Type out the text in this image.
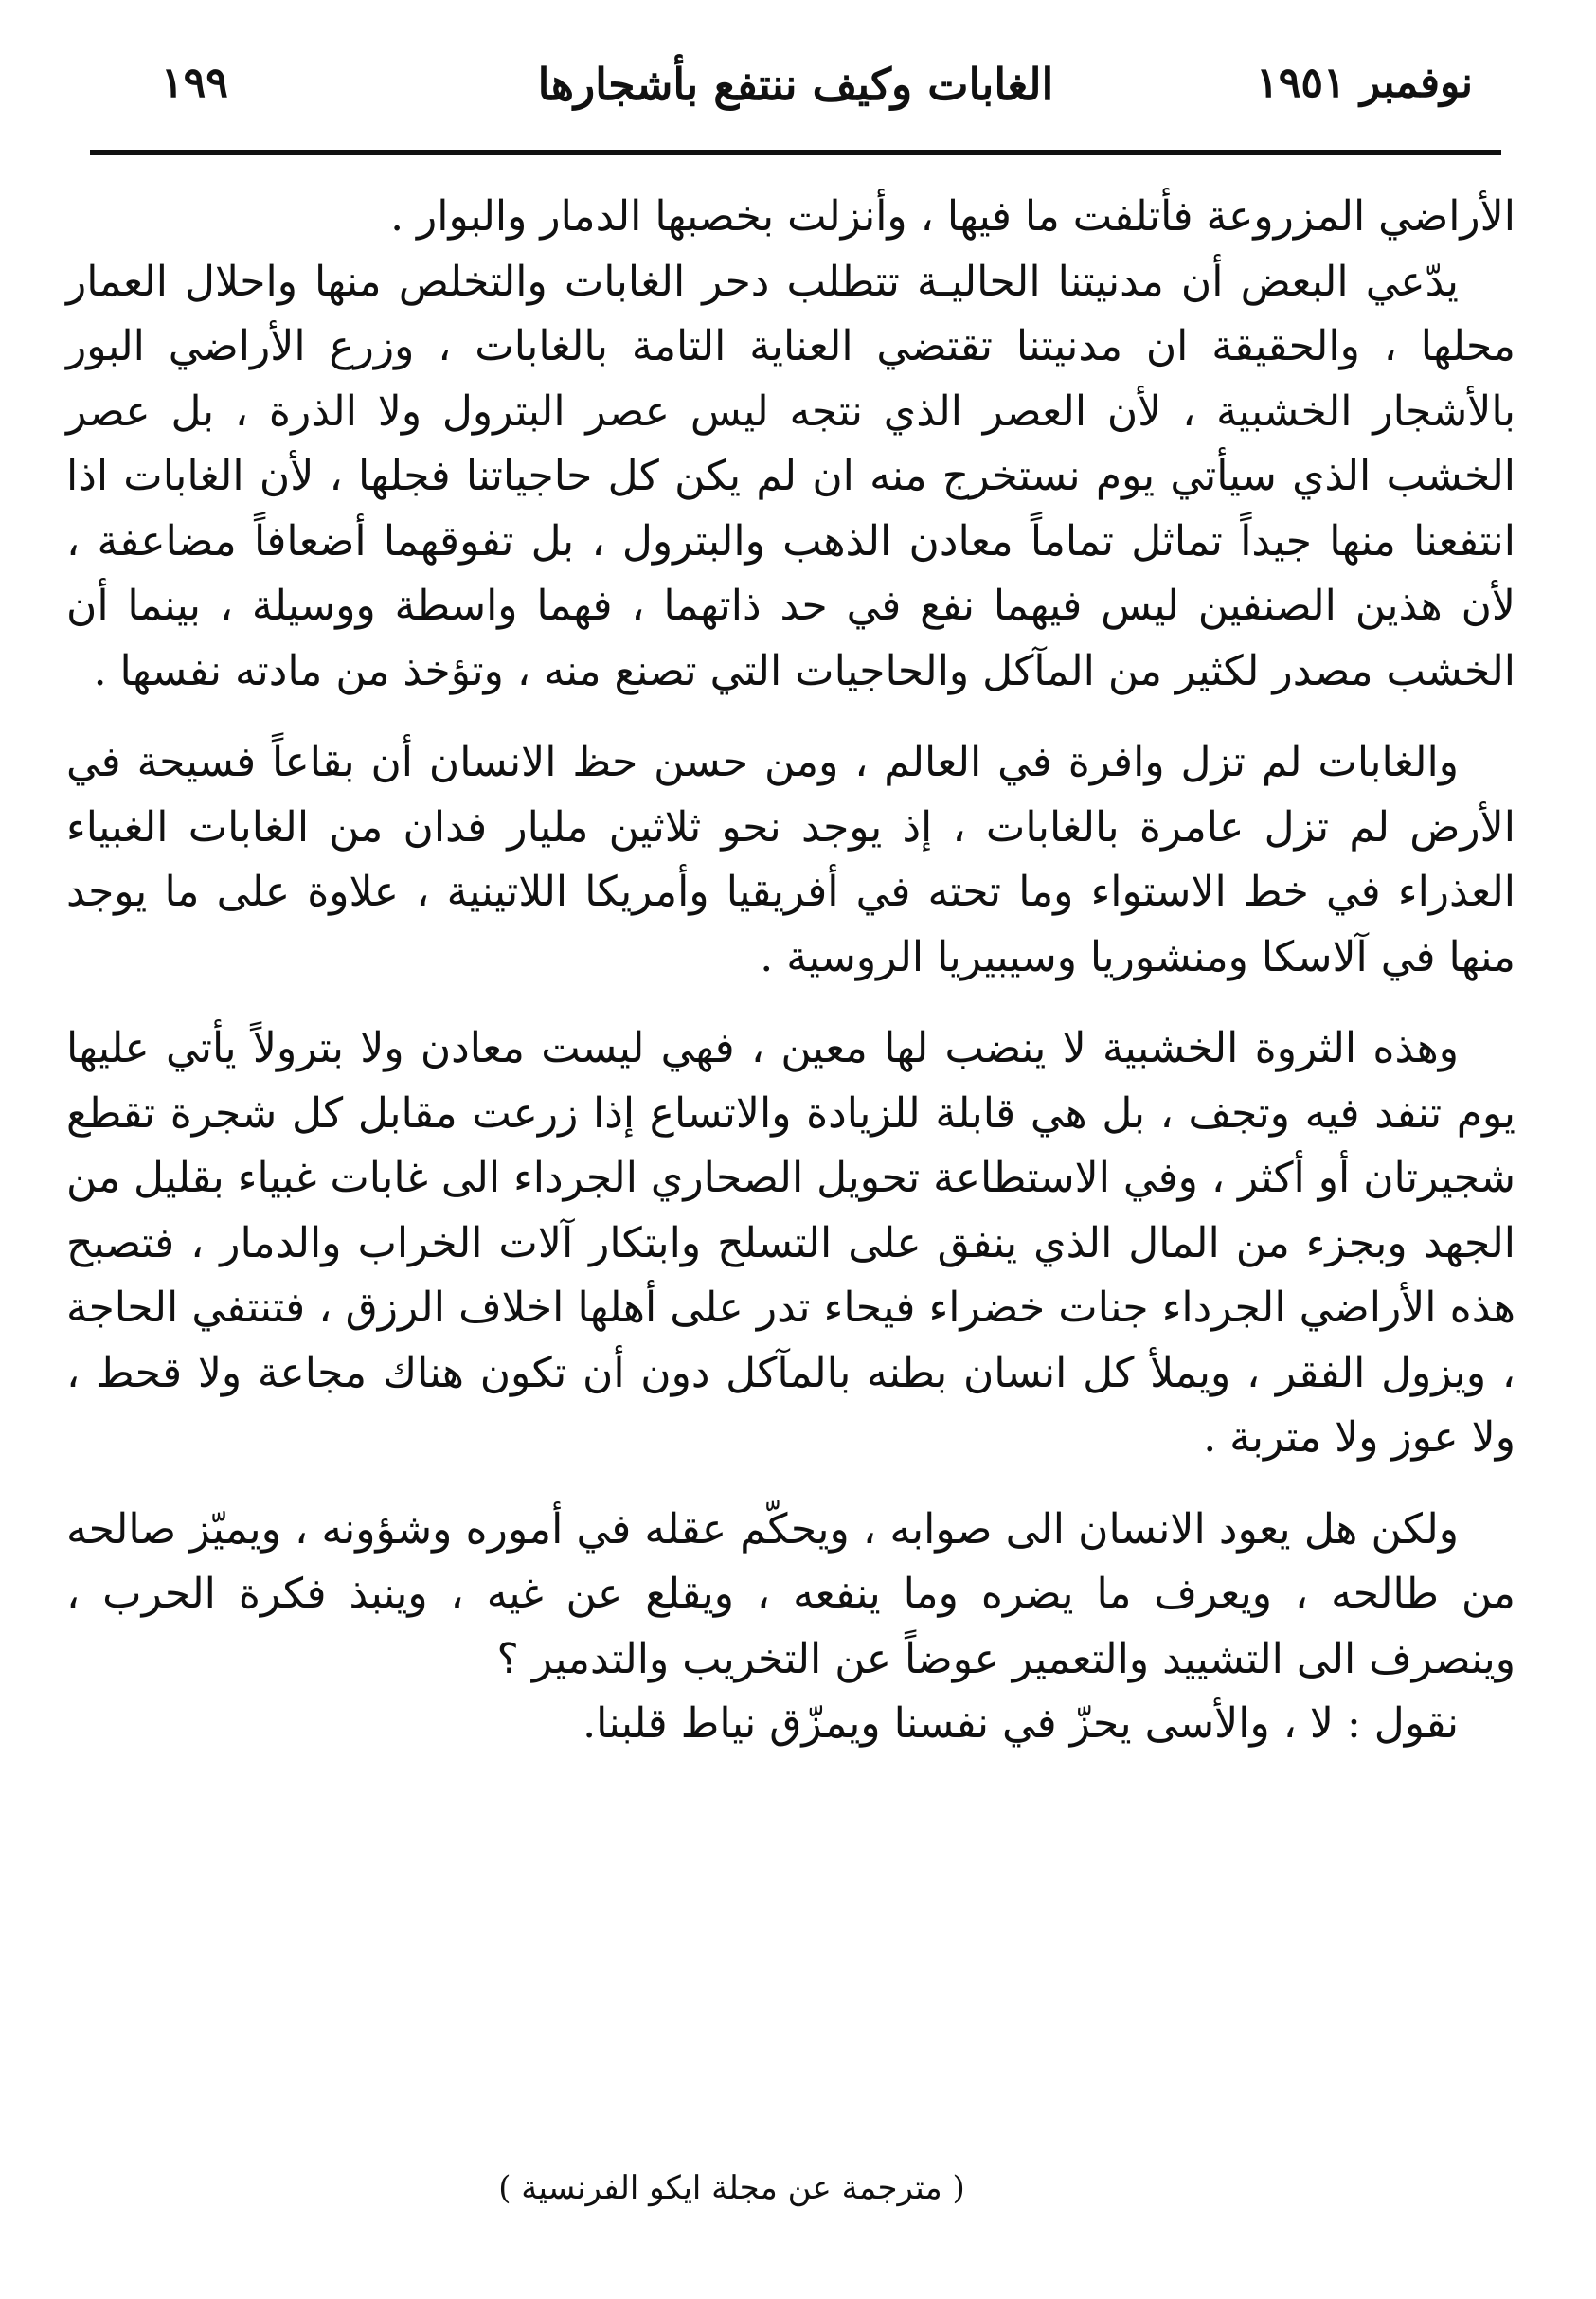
١٩٩	الغابات وكيف ننتفع بأشجارها	نوفمبر ١٩٥١

الأراضي المزروعة فأتلفت ما فيها ، وأنزلت بخصبها الدمار والبوار .

يدّعي البعض أن مدنيتنا الحاليـة تتطلب دحر الغابات والتخلص منها واحلال العمار محلها ، والحقيقة ان مدنيتنا تقتضي العناية التامة بالغابات ، وزرع الأراضي البور بالأشجار الخشبية ، لأن العصر الذي نتجه ليس عصر البترول ولا الذرة ، بل عصر الخشب الذي سيأتي يوم نستخرج منه ان لم يكن كل حاجياتنا فجلها ، لأن الغابات اذا انتفعنا منها جيداً تماثل تماماً معادن الذهب والبترول ، بل تفوقهما أضعافاً مضاعفة ، لأن هذين الصنفين ليس فيهما نفع في حد ذاتهما ، فهما واسطة ووسيلة ، بينما أن الخشب مصدر لكثير من المآكل والحاجيات التي تصنع منه ، وتؤخذ من مادته نفسها .

والغابات لم تزل وافرة في العالم ، ومن حسن حظ الانسان أن بقاعاً فسيحة في الأرض لم تزل عامرة بالغابات ، إذ يوجد نحو ثلاثين مليار فدان من الغابات الغبياء العذراء في خط الاستواء وما تحته في أفريقيا وأمريكا اللاتينية ، علاوة على ما يوجد منها في آلاسكا ومنشوريا وسيبيريا الروسية .

وهذه الثروة الخشبية لا ينضب لها معين ، فهي ليست معادن ولا بترولاً يأتي عليها يوم تنفد فيه وتجف ، بل هي قابلة للزيادة والاتساع إذا زرعت مقابل كل شجرة تقطع شجيرتان أو أكثر ، وفي الاستطاعة تحويل الصحاري الجرداء الى غابات غبياء بقليل من الجهد وبجزء من المال الذي ينفق على التسلح وابتكار آلات الخراب والدمار ، فتصبح هذه الأراضي الجرداء جنات خضراء فيحاء تدر على أهلها اخلاف الرزق ، فتنتفي الحاجة ، ويزول الفقر ، ويملأ كل انسان بطنه بالمآكل دون أن تكون هناك مجاعة ولا قحط ، ولا عوز ولا متربة .

ولكن هل يعود الانسان الى صوابه ، ويحكّم عقله في أموره وشؤونه ، ويميّز صالحه من طالحه ، ويعرف ما يضره وما ينفعه ، ويقلع عن غيه ، وينبذ فكرة الحرب ، وينصرف الى التشييد والتعمير عوضاً عن التخريب والتدمير ؟

نقول : لا ، والأسى يحزّ في نفسنا ويمزّق نياط قلبنا.

( مترجمة عن مجلة ايكو الفرنسية )
